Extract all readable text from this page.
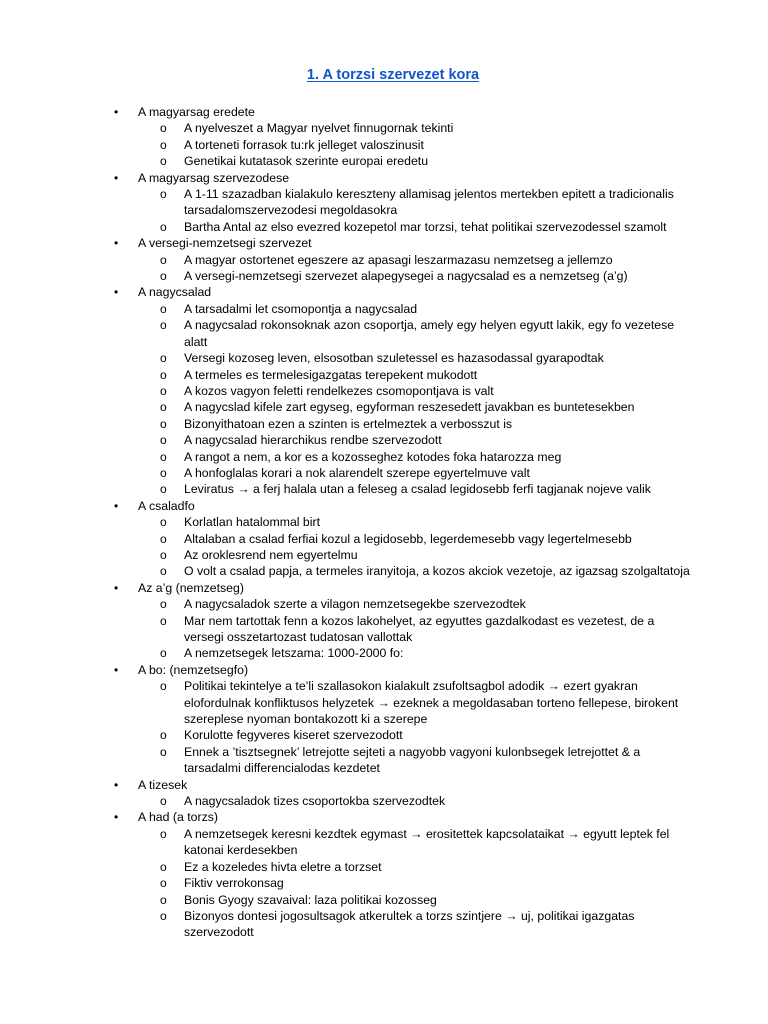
1. A torzsi szervezet kora
• A magyarsag eredete
o A nyelveszet a Magyar nyelvet finnugornak tekinti
o A torteneti forrasok tu:rk jelleget valoszinusit
o Genetikai kutatasok szerinte europai eredetu
• A magyarsag szervezodese
o A 1-11 szazadban kialakulo kereszteny allamisag jelentos mertekben epitett a tradicionalis tarsadalomszervezodesi megoldasokra
o Bartha Antal az elso evezred kozepetol mar torzsi, tehat politikai szervezodessel szamolt
• A versegi-nemzetsegi szervezet
o A magyar ostortenet egeszere az apasagi leszarmazasu nemzetseg a jellemzo
o A versegi-nemzetsegi szervezet alapegysegei a nagycsalad es a nemzetseg (a’g)
• A nagycsalad
o A tarsadalmi let csomopontja a nagycsalad
o A nagycsalad rokonsoknak azon csoportja, amely egy helyen egyutt lakik, egy fo vezetese alatt
o Versegi kozoseg leven, elsosotban szuletessel es hazasodassal gyarapodtak
o A termeles es termelesigazgatas terepekent mukodott
o A kozos vagyon feletti rendelkezes csomopontjava is valt
o A nagycslad kifele zart egyseg, egyforman reszesedett javakban es buntetesekben
o Bizonyithatoan ezen a szinten is ertelmeztek a verbosszut is
o A nagycsalad hierarchikus rendbe szervezodott
o A rangot a nem, a kor es a kozosseghez kotodes foka hatarozza meg
o A honfoglalas korari a nok alarendelt szerepe egyertelmuve valt
o Leviratus → a ferj halala utan a feleseg a csalad legidosebb ferfi tagjanak nojeve valik
• A csaladfo
o Korlatlan hatalommal birt
o Altalaban a csalad ferfiai kozul a legidosebb, legerdemesebb vagy legertelmesebb
o Az oroklesrend nem egyertelmu
o O volt a csalad papja, a termeles iranyitoja, a kozos akciok vezetoje, az igazsag szolgaltatoja
• Az a’g (nemzetseg)
o A nagycsaladok szerte a vilagon nemzetsegekbe szervezodtek
o Mar nem tartottak fenn a kozos lakohelyet, az egyuttes gazdalkodast es vezetest, de a versegi osszetartozast tudatosan vallottak
o A nemzetsegek letszama: 1000-2000 fo:
• A bo: (nemzetsegfo)
o Politikai tekintelye a te’li szallasokon kialakult zsufoltsagbol adodik → ezert gyakran elofordulnak konfliktusos helyzetek → ezeknek a megoldasaban torteno fellepese, birokent szereplese nyoman bontakozott ki a szerepe
o Korulotte fegyveres kiseret szervezodott
o Ennek a ’tisztsegnek’ letrejotte sejteti a nagyobb vagyoni kulonbsegek letrejottet & a tarsadalmi differencialodas kezdetet
• A tizesek
o A nagycsaladok tizes csoportokba szervezodtek
• A had (a torzs)
o A nemzetsegek keresni kezdtek egymast → erositettek kapcsolataikat → egyutt leptek fel katonai kerdesekben
o Ez a kozeledes hivta eletre a torzset
o Fiktiv verrokonsag
o Bonis Gyogy szavaival: laza politikai kozosseg
o Bizonyos dontesi jogosultsagok atkerultek a torzs szintjere → uj, politikai igazgatas szervezodott
